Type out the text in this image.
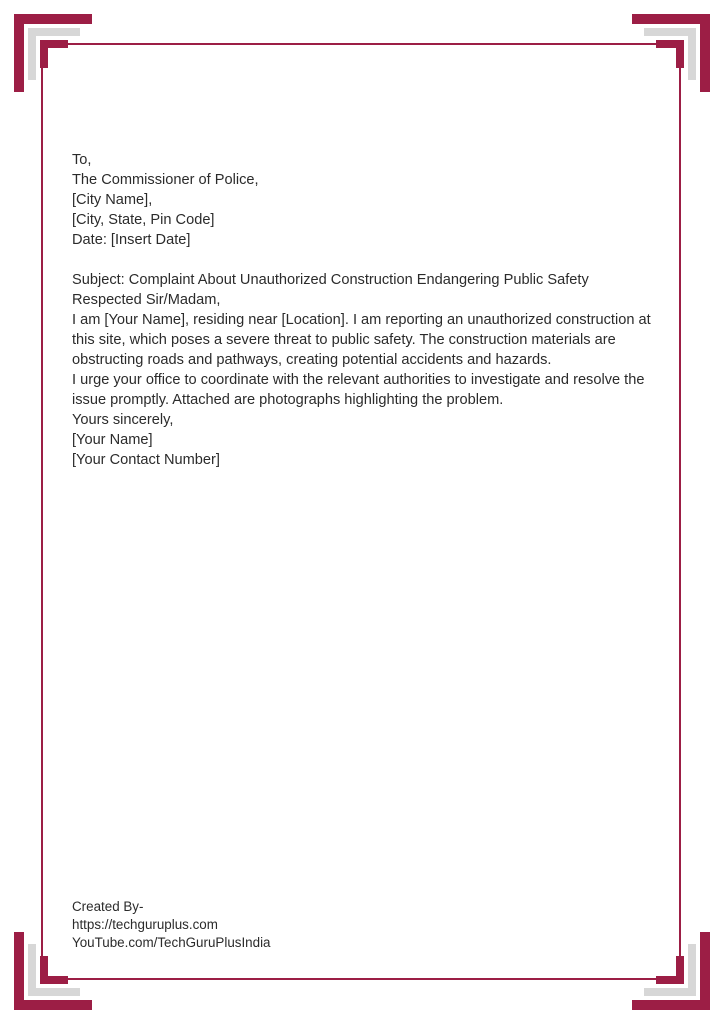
To,
The Commissioner of Police,
[City Name],
[City, State, Pin Code]
Date: [Insert Date]

Subject: Complaint About Unauthorized Construction Endangering Public Safety

Respected Sir/Madam,

I am [Your Name], residing near [Location]. I am reporting an unauthorized construction at this site, which poses a severe threat to public safety. The construction materials are obstructing roads and pathways, creating potential accidents and hazards.

I urge your office to coordinate with the relevant authorities to investigate and resolve the issue promptly. Attached are photographs highlighting the problem.

Yours sincerely,
[Your Name]
[Your Contact Number]
Created By-
https://techguruplus.com
YouTube.com/TechGuruPlusIndia
